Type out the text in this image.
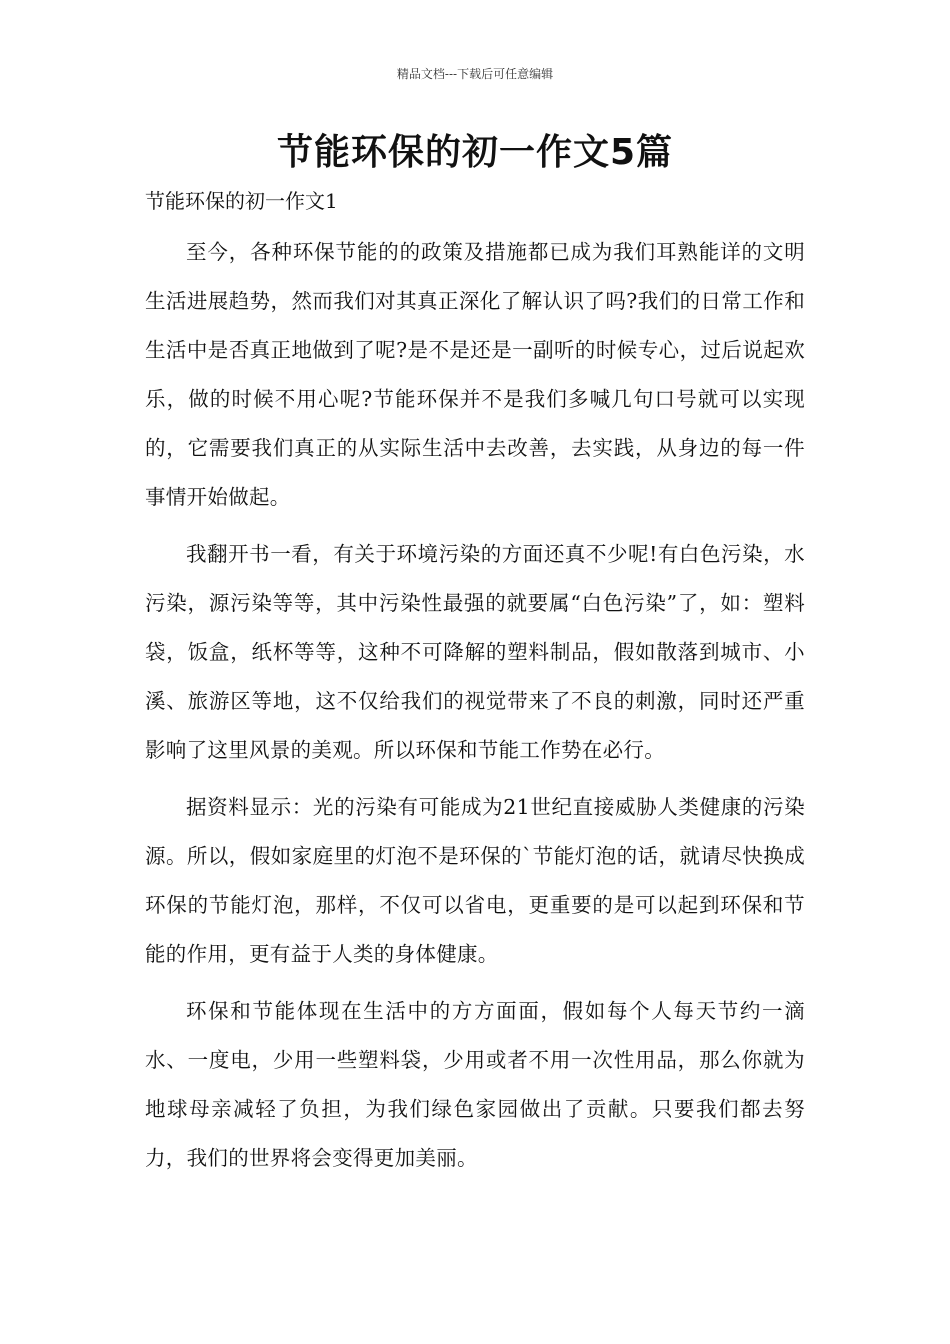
精品文档---下载后可任意编辑
节能环保的初一作文5篇
节能环保的初一作文1

至今，各种环保节能的的政策及措施都已成为我们耳熟能详的文明生活进展趋势，然而我们对其真正深化了解认识了吗?我们的日常工作和生活中是否真正地做到了呢?是不是还是一副听的时候专心，过后说起欢乐，做的时候不用心呢?节能环保并不是我们多喊几句口号就可以实现的，它需要我们真正的从实际生活中去改善，去实践，从身边的每一件事情开始做起。

我翻开书一看，有关于环境污染的方面还真不少呢!有白色污染，水污染，源污染等等，其中污染性最强的就要属“白色污染”了，如：塑料袋，饭盒，纸杯等等，这种不可降解的塑料制品，假如散落到城市、小溪、旅游区等地，这不仅给我们的视觉带来了不良的刺激，同时还严重影响了这里风景的美观。所以环保和节能工作势在必行。

据资料显示：光的污染有可能成为21世纪直接威胁人类健康的污染源。所以，假如家庭里的灯泡不是环保的`节能灯泡的话，就请尽快换成环保的节能灯泡，那样，不仅可以省电，更重要的是可以起到环保和节能的作用，更有益于人类的身体健康。

环保和节能体现在生活中的方方面面，假如每个人每天节约一滴水、一度电，少用一些塑料袋，少用或者不用一次性用品，那么你就为地球母亲减轻了负担，为我们绿色家园做出了贡献。只要我们都去努力，我们的世界将会变得更加美丽。
